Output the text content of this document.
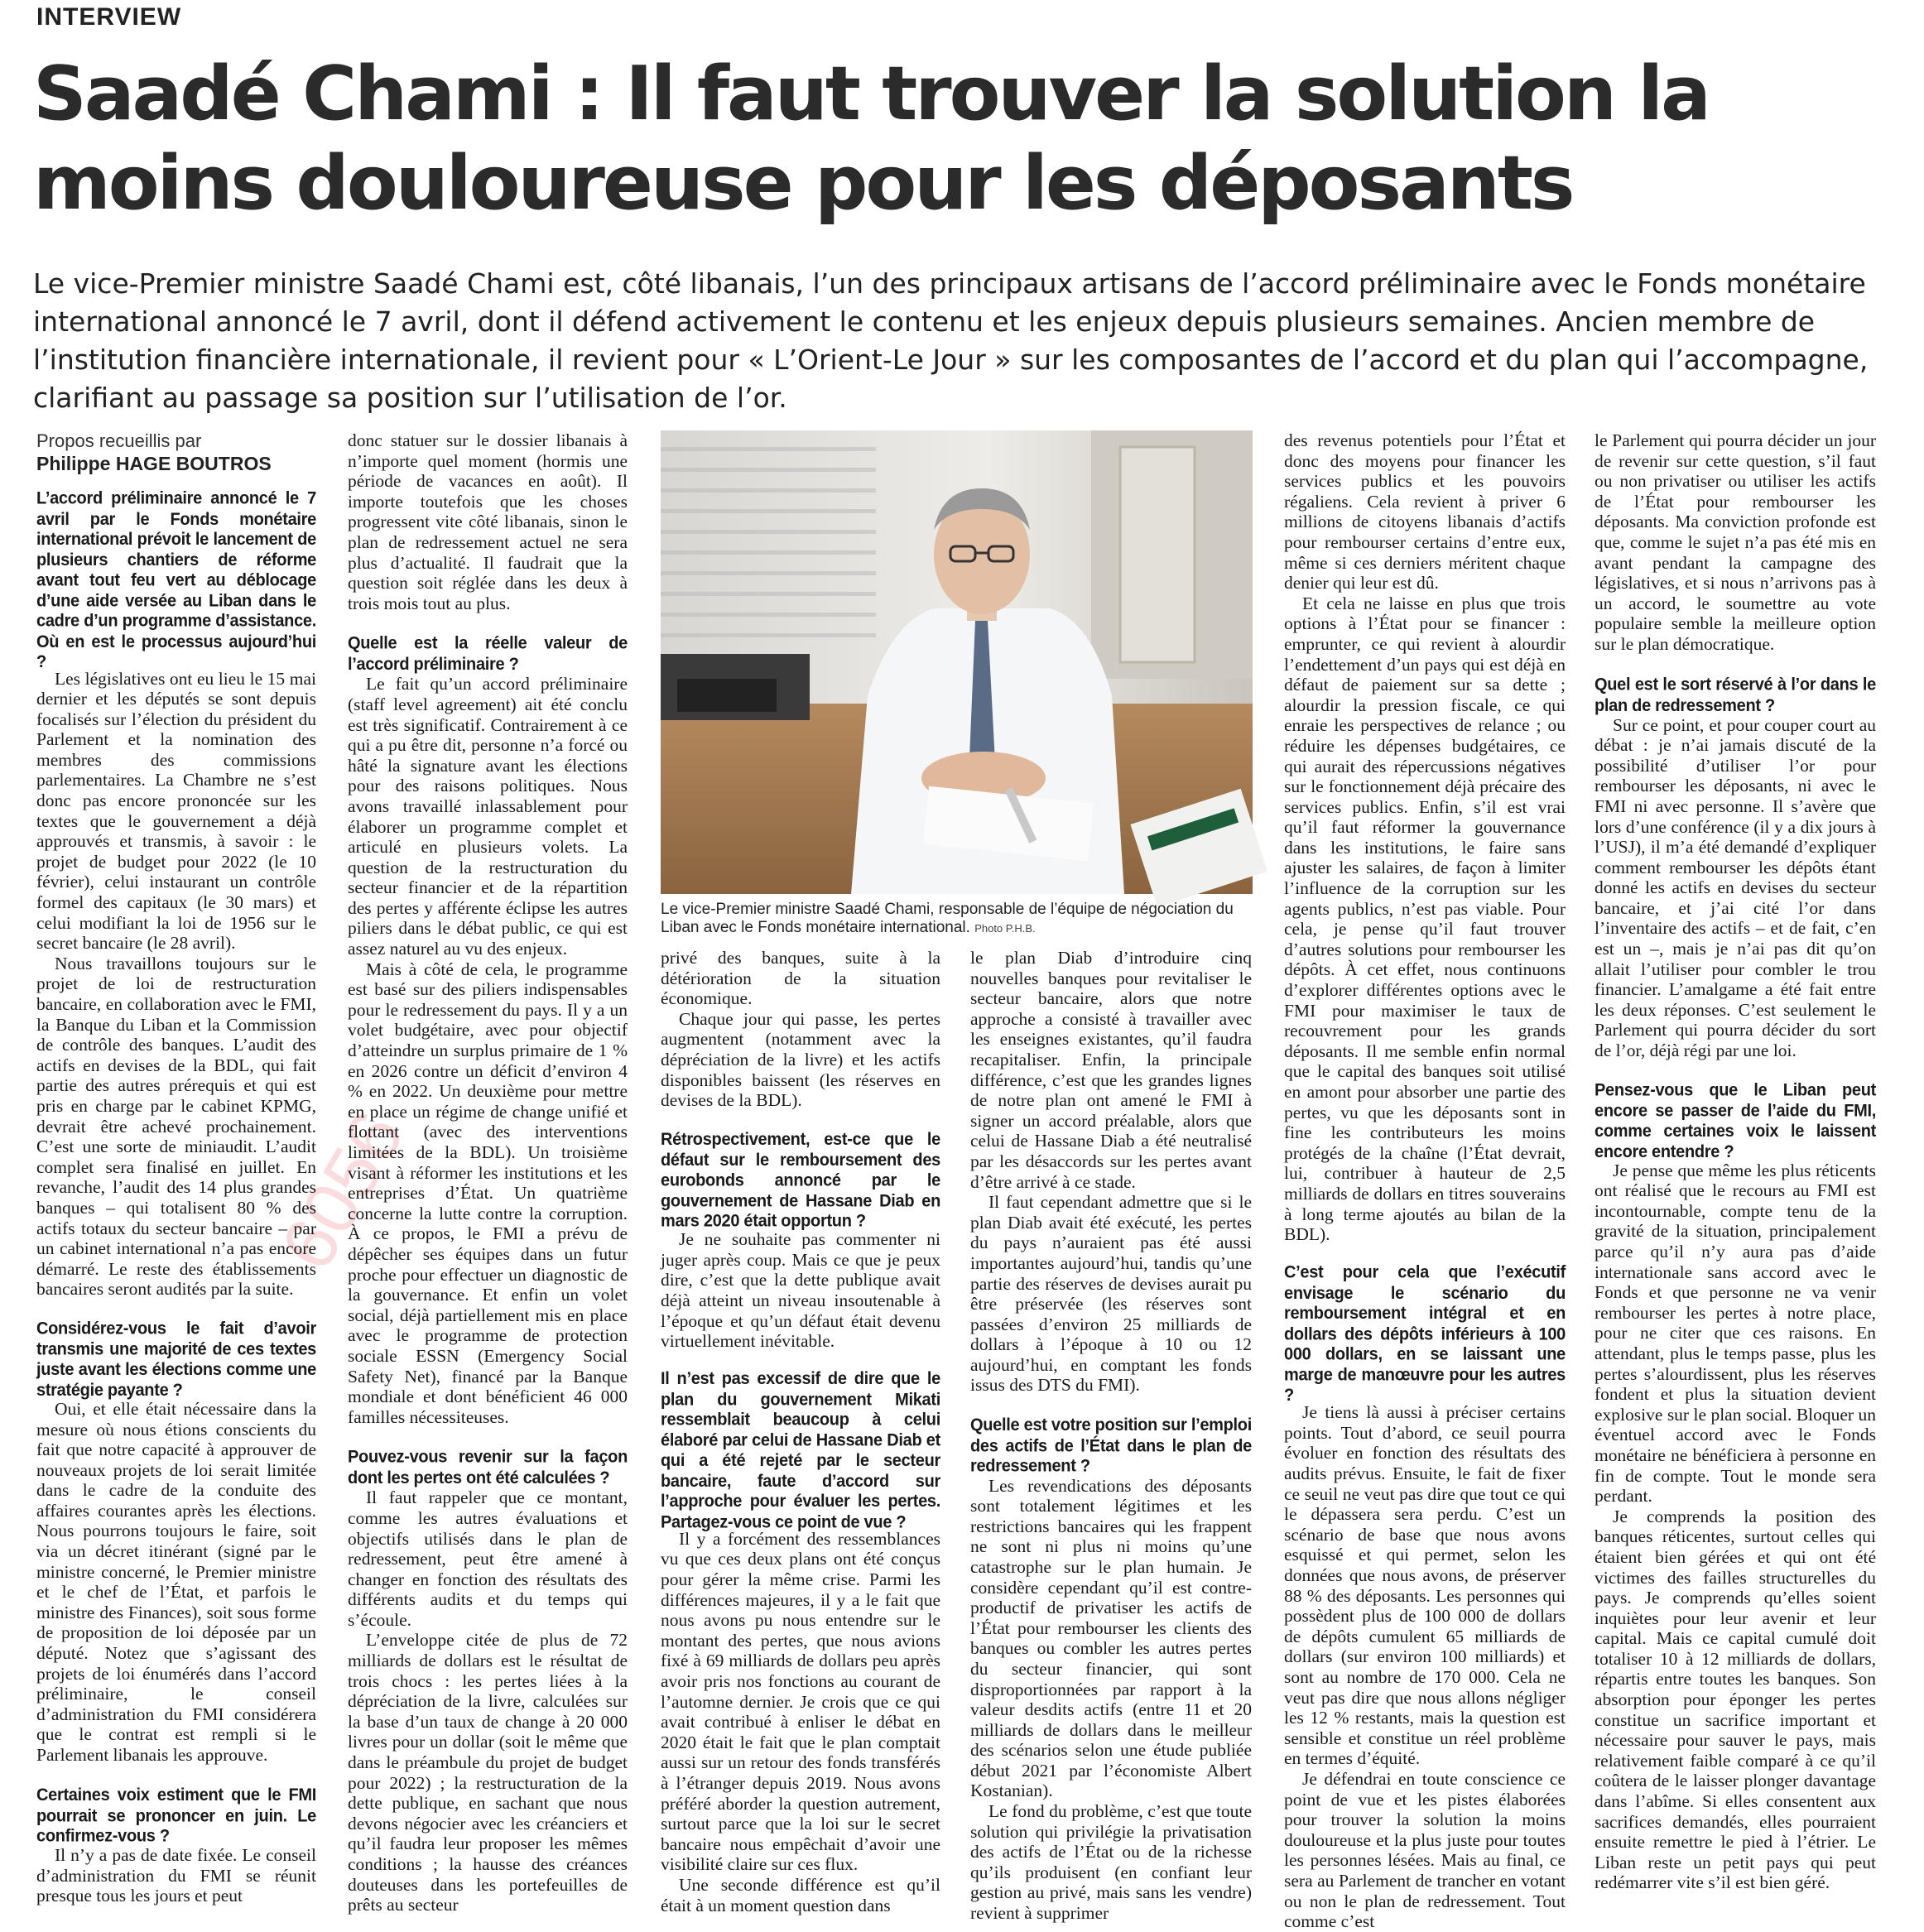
INTERVIEW
Saadé Chami : Il faut trouver la solution la moins douloureuse pour les déposants

Le vice-Premier ministre Saadé Chami est, côté libanais, l’un des principaux artisans de l’accord préliminaire avec le Fonds monétaire international annoncé le 7 avril, dont il défend activement le contenu et les enjeux depuis plusieurs semaines. Ancien membre de l’institution financière internationale, il revient pour « L’Orient-Le Jour » sur les composantes de l’accord et du plan qui l’accompagne, clarifiant au passage sa position sur l’utilisation de l’or.

6056
Propos recueillis par
Philippe HAGE BOUTROS

L’accord préliminaire annoncé le 7 avril par le Fonds monétaire international prévoit le lancement de plusieurs chantiers de réforme avant tout feu vert au déblocage d’une aide versée au Liban dans le cadre d’un programme d’assistance. Où en est le processus aujourd’hui ?

Les législatives ont eu lieu le 15 mai dernier et les députés se sont depuis focalisés sur l’élection du président du Parlement et la nomination des membres des commissions parlementaires. La Chambre ne s’est donc pas encore prononcée sur les textes que le gouvernement a déjà approuvés et transmis, à savoir : le projet de budget pour 2022 (le 10 février), celui instaurant un contrôle formel des capitaux (le 30 mars) et celui modifiant la loi de 1956 sur le secret bancaire (le 28 avril).

Nous travaillons toujours sur le projet de loi de restructuration bancaire, en collaboration avec le FMI, la Banque du Liban et la Commission de contrôle des banques. L’audit des actifs en devises de la BDL, qui fait partie des autres prérequis et qui est pris en charge par le cabinet KPMG, devrait être achevé prochainement. C’est une sorte de miniaudit. L’audit complet sera finalisé en juillet. En revanche, l’audit des 14 plus grandes banques – qui totalisent 80 % des actifs totaux du secteur bancaire – par un cabinet international n’a pas encore démarré. Le reste des établissements bancaires seront audités par la suite.

Considérez-vous le fait d’avoir transmis une majorité de ces textes juste avant les élections comme une stratégie payante ?

Oui, et elle était nécessaire dans la mesure où nous étions conscients du fait que notre capacité à approuver de nouveaux projets de loi serait limitée dans le cadre de la conduite des affaires courantes après les élections. Nous pourrons toujours le faire, soit via un décret itinérant (signé par le ministre concerné, le Premier ministre et le chef de l’État, et parfois le ministre des Finances), soit sous forme de proposition de loi déposée par un député. Notez que s’agissant des projets de loi énumérés dans l’accord préliminaire, le conseil d’administration du FMI considérera que le contrat est rempli si le Parlement libanais les approuve.

Certaines voix estiment que le FMI pourrait se prononcer en juin. Le confirmez-vous ?

Il n’y a pas de date fixée. Le conseil d’administration du FMI se réunit presque tous les jours et peut

donc statuer sur le dossier libanais à n’importe quel moment (hormis une période de vacances en août). Il importe toutefois que les choses progressent vite côté libanais, sinon le plan de redressement actuel ne sera plus d’actualité. Il faudrait que la question soit réglée dans les deux à trois mois tout au plus.

Quelle est la réelle valeur de l’accord préliminaire ?

Le fait qu’un accord préliminaire (staff level agreement) ait été conclu est très significatif. Contrairement à ce qui a pu être dit, personne n’a forcé ou hâté la signature avant les élections pour des raisons politiques. Nous avons travaillé inlassablement pour élaborer un programme complet et articulé en plusieurs volets. La question de la restructuration du secteur financier et de la répartition des pertes y afférente éclipse les autres piliers dans le débat public, ce qui est assez naturel au vu des enjeux.

Mais à côté de cela, le programme est basé sur des piliers indispensables pour le redressement du pays. Il y a un volet budgétaire, avec pour objectif d’atteindre un surplus primaire de 1 % en 2026 contre un déficit d’environ 4 % en 2022. Un deuxième pour mettre en place un régime de change unifié et flottant (avec des interventions limitées de la BDL). Un troisième visant à réformer les institutions et les entreprises d’État. Un quatrième concerne la lutte contre la corruption. À ce propos, le FMI a prévu de dépêcher ses équipes dans un futur proche pour effectuer un diagnostic de la gouvernance. Et enfin un volet social, déjà partiellement mis en place avec le programme de protection sociale ESSN (Emergency Social Safety Net), financé par la Banque mondiale et dont bénéficient 46 000 familles nécessiteuses.

Pouvez-vous revenir sur la façon dont les pertes ont été calculées ?

Il faut rappeler que ce montant, comme les autres évaluations et objectifs utilisés dans le plan de redressement, peut être amené à changer en fonction des résultats des différents audits et du temps qui s’écoule.

L’enveloppe citée de plus de 72 milliards de dollars est le résultat de trois chocs : les pertes liées à la dépréciation de la livre, calculées sur la base d’un taux de change à 20 000 livres pour un dollar (soit le même que dans le préambule du projet de budget pour 2022) ; la restructuration de la dette publique, en sachant que nous devons négocier avec les créanciers et qu’il faudra leur proposer les mêmes conditions ; la hausse des créances douteuses dans les portefeuilles de prêts au secteur

Le vice-Premier ministre Saadé Chami, responsable de l’équipe de négociation du Liban avec le Fonds monétaire international. Photo P.H.B.

privé des banques, suite à la détérioration de la situation économique.

Chaque jour qui passe, les pertes augmentent (notamment avec la dépréciation de la livre) et les actifs disponibles baissent (les réserves en devises de la BDL).

Rétrospectivement, est-ce que le défaut sur le remboursement des eurobonds annoncé par le gouvernement de Hassane Diab en mars 2020 était opportun ?

Je ne souhaite pas commenter ni juger après coup. Mais ce que je peux dire, c’est que la dette publique avait déjà atteint un niveau insoutenable à l’époque et qu’un défaut était devenu virtuellement inévitable.

Il n’est pas excessif de dire que le plan du gouvernement Mikati ressemblait beaucoup à celui élaboré par celui de Hassane Diab et qui a été rejeté par le secteur bancaire, faute d’accord sur l’approche pour évaluer les pertes. Partagez-vous ce point de vue ?

Il y a forcément des ressemblances vu que ces deux plans ont été conçus pour gérer la même crise. Parmi les différences majeures, il y a le fait que nous avons pu nous entendre sur le montant des pertes, que nous avions fixé à 69 milliards de dollars peu après avoir pris nos fonctions au courant de l’automne dernier. Je crois que ce qui avait contribué à enliser le débat en 2020 était le fait que le plan comptait aussi sur un retour des fonds transférés à l’étranger depuis 2019. Nous avons préféré aborder la question autrement, surtout parce que la loi sur le secret bancaire nous empêchait d’avoir une visibilité claire sur ces flux.

Une seconde différence est qu’il était à un moment question dans

le plan Diab d’introduire cinq nouvelles banques pour revitaliser le secteur bancaire, alors que notre approche a consisté à travailler avec les enseignes existantes, qu’il faudra recapitaliser. Enfin, la principale différence, c’est que les grandes lignes de notre plan ont amené le FMI à signer un accord préalable, alors que celui de Hassane Diab a été neutralisé par les désaccords sur les pertes avant d’être arrivé à ce stade.

Il faut cependant admettre que si le plan Diab avait été exécuté, les pertes du pays n’auraient pas été aussi importantes aujourd’hui, tandis qu’une partie des réserves de devises aurait pu être préservée (les réserves sont passées d’environ 25 milliards de dollars à l’époque à 10 ou 12 aujourd’hui, en comptant les fonds issus des DTS du FMI).

Quelle est votre position sur l’emploi des actifs de l’État dans le plan de redressement ?

Les revendications des déposants sont totalement légitimes et les restrictions bancaires qui les frappent ne sont ni plus ni moins qu’une catastrophe sur le plan humain. Je considère cependant qu’il est contre-productif de privatiser les actifs de l’État pour rembourser les clients des banques ou combler les autres pertes du secteur financier, qui sont disproportionnées par rapport à la valeur desdits actifs (entre 11 et 20 milliards de dollars dans le meilleur des scénarios selon une étude publiée début 2021 par l’économiste Albert Kostanian).

Le fond du problème, c’est que toute solution qui privilégie la privatisation des actifs de l’État ou de la richesse qu’ils produisent (en confiant leur gestion au privé, mais sans les vendre) revient à supprimer

des revenus potentiels pour l’État et donc des moyens pour financer les services publics et les pouvoirs régaliens. Cela revient à priver 6 millions de citoyens libanais d’actifs pour rembourser certains d’entre eux, même si ces derniers méritent chaque denier qui leur est dû.

Et cela ne laisse en plus que trois options à l’État pour se financer : emprunter, ce qui revient à alourdir l’endettement d’un pays qui est déjà en défaut de paiement sur sa dette ; alourdir la pression fiscale, ce qui enraie les perspectives de relance ; ou réduire les dépenses budgétaires, ce qui aurait des répercussions négatives sur le fonctionnement déjà précaire des services publics. Enfin, s’il est vrai qu’il faut réformer la gouvernance dans les institutions, le faire sans ajuster les salaires, de façon à limiter l’influence de la corruption sur les agents publics, n’est pas viable. Pour cela, je pense qu’il faut trouver d’autres solutions pour rembourser les dépôts. À cet effet, nous continuons d’explorer différentes options avec le FMI pour maximiser le taux de recouvrement pour les grands déposants. Il me semble enfin normal que le capital des banques soit utilisé en amont pour absorber une partie des pertes, vu que les déposants sont in fine les contributeurs les moins protégés de la chaîne (l’État devrait, lui, contribuer à hauteur de 2,5 milliards de dollars en titres souverains à long terme ajoutés au bilan de la BDL).

C’est pour cela que l’exécutif envisage le scénario du remboursement intégral et en dollars des dépôts inférieurs à 100 000 dollars, en se laissant une marge de manœuvre pour les autres ?

Je tiens là aussi à préciser certains points. Tout d’abord, ce seuil pourra évoluer en fonction des résultats des audits prévus. Ensuite, le fait de fixer ce seuil ne veut pas dire que tout ce qui le dépassera sera perdu. C’est un scénario de base que nous avons esquissé et qui permet, selon les données que nous avons, de préserver 88 % des déposants. Les personnes qui possèdent plus de 100 000 de dollars de dépôts cumulent 65 milliards de dollars (sur environ 100 milliards) et sont au nombre de 170 000. Cela ne veut pas dire que nous allons négliger les 12 % restants, mais la question est sensible et constitue un réel problème en termes d’équité.

Je défendrai en toute conscience ce point de vue et les pistes élaborées pour trouver la solution la moins douloureuse et la plus juste pour toutes les personnes lésées. Mais au final, ce sera au Parlement de trancher en votant ou non le plan de redressement. Tout comme c’est

le Parlement qui pourra décider un jour de revenir sur cette question, s’il faut ou non privatiser ou utiliser les actifs de l’État pour rembourser les déposants. Ma conviction profonde est que, comme le sujet n’a pas été mis en avant pendant la campagne des législatives, et si nous n’arrivons pas à un accord, le soumettre au vote populaire semble la meilleure option sur le plan démocratique.

Quel est le sort réservé à l’or dans le plan de redressement ?

Sur ce point, et pour couper court au débat : je n’ai jamais discuté de la possibilité d’utiliser l’or pour rembourser les déposants, ni avec le FMI ni avec personne. Il s’avère que lors d’une conférence (il y a dix jours à l’USJ), il m’a été demandé d’expliquer comment rembourser les dépôts étant donné les actifs en devises du secteur bancaire, et j’ai cité l’or dans l’inventaire des actifs – et de fait, c’en est un –, mais je n’ai pas dit qu’on allait l’utiliser pour combler le trou financier. L’amalgame a été fait entre les deux réponses. C’est seulement le Parlement qui pourra décider du sort de l’or, déjà régi par une loi.

Pensez-vous que le Liban peut encore se passer de l’aide du FMI, comme certaines voix le laissent encore entendre ?

Je pense que même les plus réticents ont réalisé que le recours au FMI est incontournable, compte tenu de la gravité de la situation, principalement parce qu’il n’y aura pas d’aide internationale sans accord avec le Fonds et que personne ne va venir rembourser les pertes à notre place, pour ne citer que ces raisons. En attendant, plus le temps passe, plus les pertes s’alourdissent, plus les réserves fondent et plus la situation devient explosive sur le plan social. Bloquer un éventuel accord avec le Fonds monétaire ne bénéficiera à personne en fin de compte. Tout le monde sera perdant.

Je comprends la position des banques réticentes, surtout celles qui étaient bien gérées et qui ont été victimes des failles structurelles du pays. Je comprends qu’elles soient inquiètes pour leur avenir et leur capital. Mais ce capital cumulé doit totaliser 10 à 12 milliards de dollars, répartis entre toutes les banques. Son absorption pour éponger les pertes constitue un sacrifice important et nécessaire pour sauver le pays, mais relativement faible comparé à ce qu’il coûtera de le laisser plonger davantage dans l’abîme. Si elles consentent aux sacrifices demandés, elles pourraient ensuite remettre le pied à l’étrier. Le Liban reste un petit pays qui peut redémarrer vite s’il est bien géré.
